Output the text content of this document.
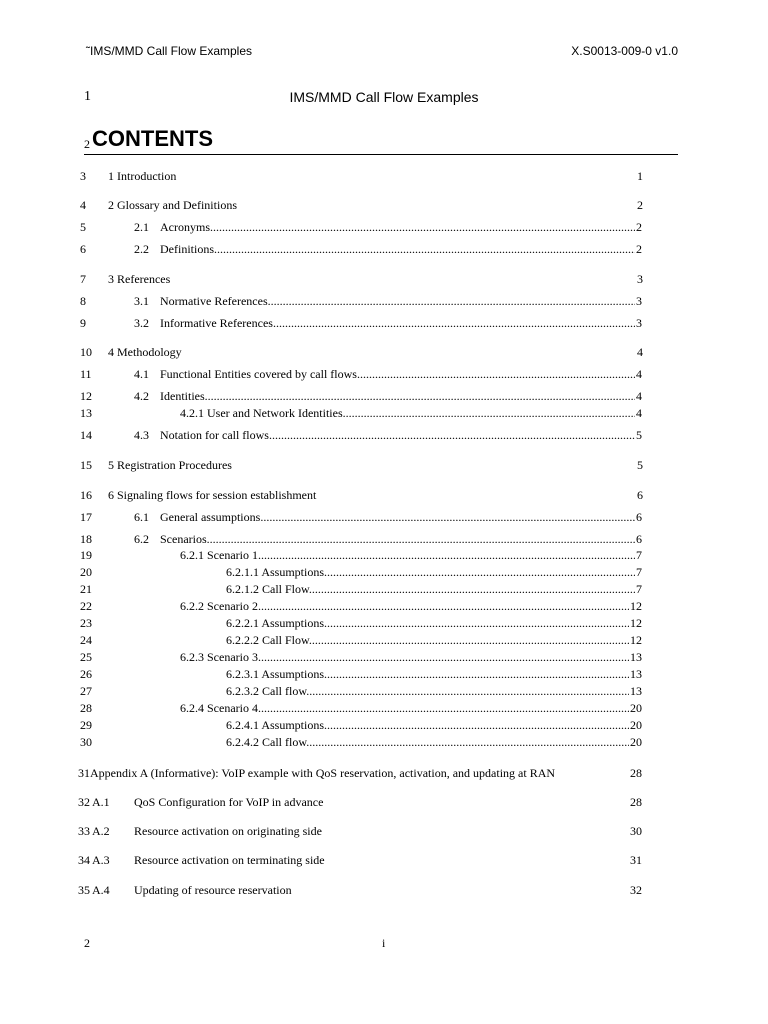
˜IMS/MMD Call Flow Examples	X.S0013-009-0 v1.0
1	IMS/MMD Call Flow Examples
2 CONTENTS
3 1 Introduction	1
4 2 Glossary and Definitions	2
5	2.1 Acronyms .....	2
6	2.2 Definitions .....	2
7 3 References	3
8	3.1 Normative References .....	3
9	3.2 Informative References .....	3
10 4 Methodology	4
11	4.1 Functional Entities covered by call flows .....	4
12	4.2 Identities .....	4
13	4.2.1 User and Network Identities .....	4
14	4.3 Notation for call flows .....	5
15 5 Registration Procedures	5
16 6 Signaling flows for session establishment	6
17	6.1 General assumptions .....	6
18	6.2 Scenarios .....	6
19	6.2.1 Scenario 1 .....	7
20	6.2.1.1 Assumptions .....	7
21	6.2.1.2 Call Flow .....	7
22	6.2.2 Scenario 2 .....	12
23	6.2.2.1 Assumptions .....	12
24	6.2.2.2 Call Flow .....	12
25	6.2.3 Scenario 3 .....	13
26	6.2.3.1 Assumptions .....	13
27	6.2.3.2 Call flow .....	13
28	6.2.4 Scenario 4 .....	20
29	6.2.4.1 Assumptions .....	20
30	6.2.4.2 Call flow .....	20
31 Appendix A (Informative): VoIP example with QoS reservation, activation, and updating at RAN	28
32 A.1 QoS Configuration for VoIP in advance	28
33 A.2 Resource activation on originating side	30
34 A.3 Resource activation on terminating side	31
35 A.4 Updating of resource reservation	32
2	i
